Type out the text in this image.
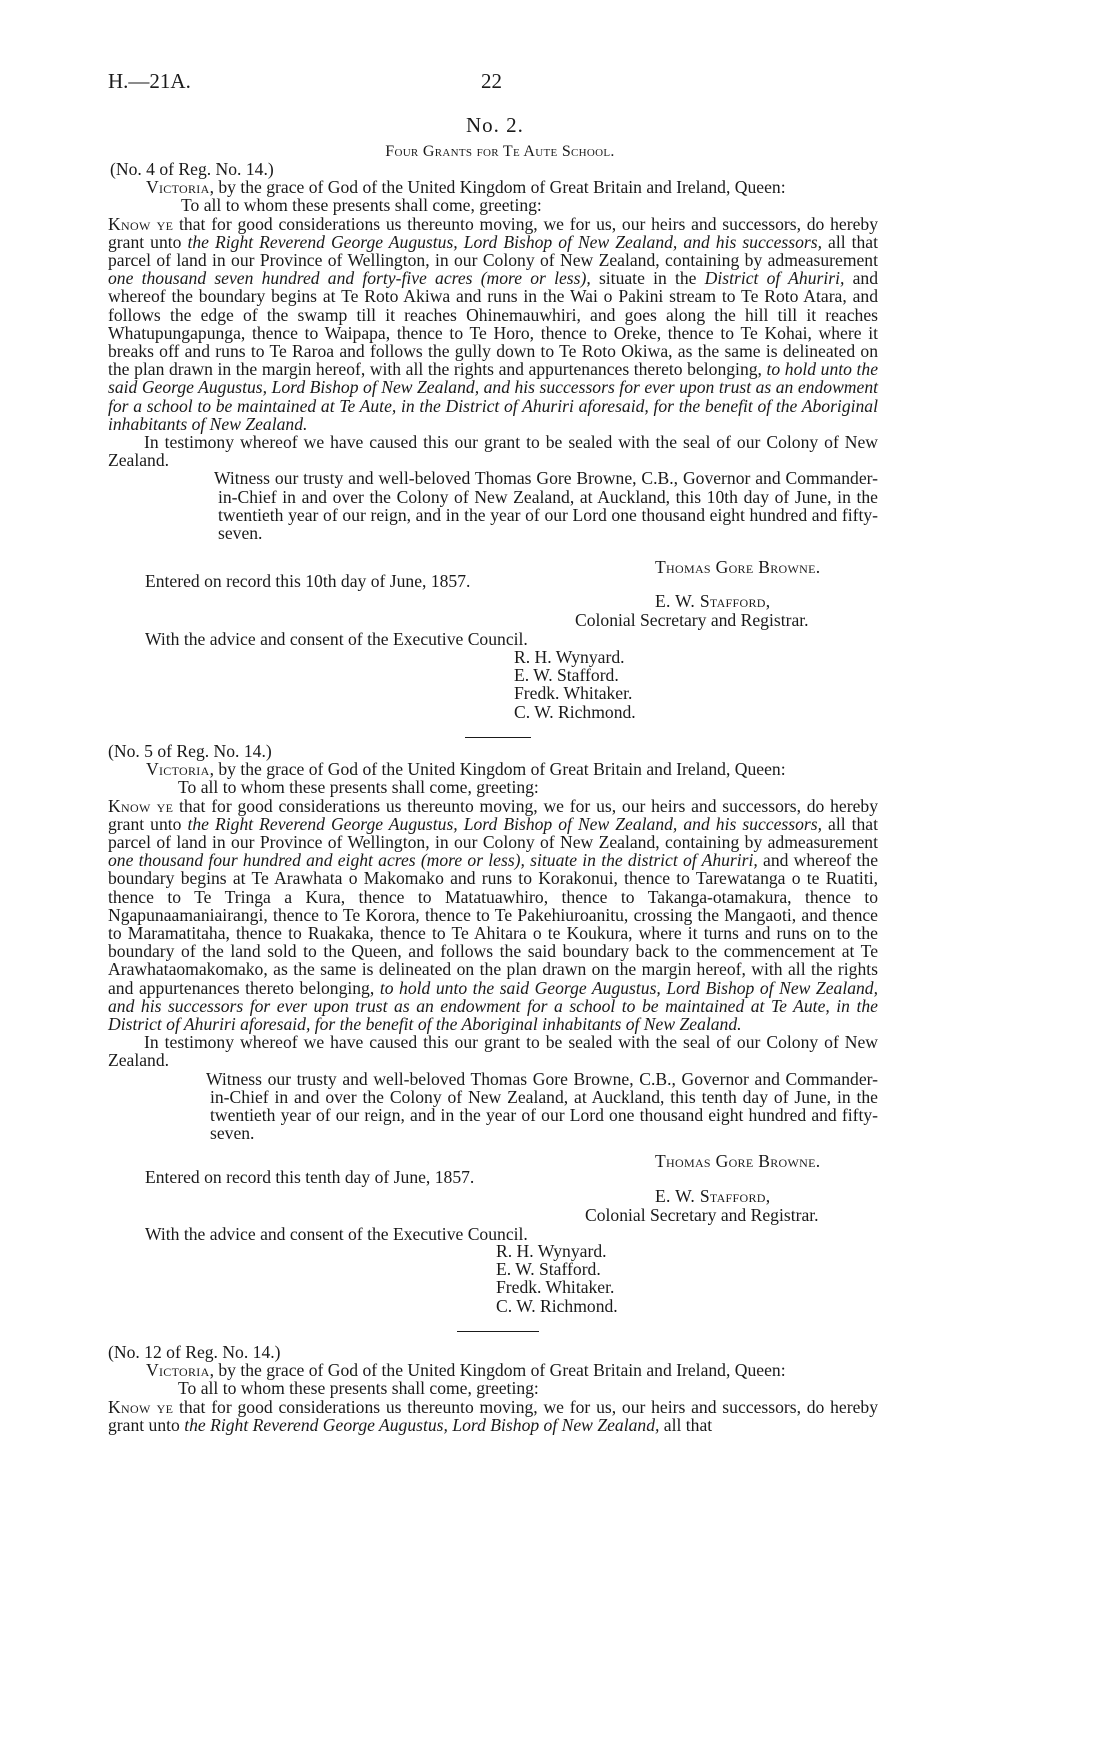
H.—21A.	22
No. 2.
Four Grants for Te Aute School.
(No. 4 of Reg. No. 14.)
Victoria, by the grace of God of the United Kingdom of Great Britain and Ireland, Queen:
To all to whom these presents shall come, greeting:
Know ye that for good considerations us thereunto moving, we for us, our heirs and successors, do hereby grant unto the Right Reverend George Augustus, Lord Bishop of New Zealand, and his successors, all that parcel of land in our Province of Wellington, in our Colony of New Zealand, containing by admeasurement one thousand seven hundred and forty-five acres (more or less), situate in the District of Ahuriri, and whereof the boundary begins at Te Roto Akiwa and runs in the Wai o Pakini stream to Te Roto Atara, and follows the edge of the swamp till it reaches Ohinemauwhiri, and goes along the hill till it reaches Whatupungapunga, thence to Waipapa, thence to Te Horo, thence to Oreke, thence to Te Kohai, where it breaks off and runs to Te Raroa and follows the gully down to Te Roto Okiwa, as the same is delineated on the plan drawn in the margin hereof, with all the rights and appurtenances thereto belonging, to hold unto the said George Augustus, Lord Bishop of New Zealand, and his successors for ever upon trust as an endowment for a school to be maintained at Te Aute, in the District of Ahuriri aforesaid, for the benefit of the Aboriginal inhabitants of New Zealand.
In testimony whereof we have caused this our grant to be sealed with the seal of our Colony of New Zealand.
Witness our trusty and well-beloved Thomas Gore Browne, C.B., Governor and Commander-in-Chief in and over the Colony of New Zealand, at Auckland, this 10th day of June, in the twentieth year of our reign, and in the year of our Lord one thousand eight hundred and fifty-seven.
Thomas Gore Browne.
Entered on record this 10th day of June, 1857.
E. W. Stafford,
Colonial Secretary and Registrar.
With the advice and consent of the Executive Council.
R. H. Wynyard.
E. W. Stafford.
Fredk. Whitaker.
C. W. Richmond.
(No. 5 of Reg. No. 14.)
Victoria, by the grace of God of the United Kingdom of Great Britain and Ireland, Queen:
To all to whom these presents shall come, greeting:
Know ye that for good considerations us thereunto moving, we for us, our heirs and successors, do hereby grant unto the Right Reverend George Augustus, Lord Bishop of New Zealand, and his successors, all that parcel of land in our Province of Wellington, in our Colony of New Zealand, containing by admeasurement one thousand four hundred and eight acres (more or less), situate in the district of Ahuriri, and whereof the boundary begins at Te Arawhata o Makomako and runs to Korakonui, thence to Tarewatanga o te Ruatiti, thence to Te Tringa a Kura, thence to Matatuawhiro, thence to Takanga-otamakura, thence to Ngapunaamaniairangi, thence to Te Korora, thence to Te Pakehiuroanitu, crossing the Mangaoti, and thence to Maramatitaha, thence to Ruakaka, thence to Te Ahitara o te Koukura, where it turns and runs on to the boundary of the land sold to the Queen, and follows the said boundary back to the commencement at Te Arawhataomakomako, as the same is delineated on the plan drawn on the margin hereof, with all the rights and appurtenances thereto belonging, to hold unto the said George Augustus, Lord Bishop of New Zealand, and his successors for ever upon trust as an endowment for a school to be maintained at Te Aute, in the District of Ahuriri aforesaid, for the benefit of the Aboriginal inhabitants of New Zealand.
In testimony whereof we have caused this our grant to be sealed with the seal of our Colony of New Zealand.
Witness our trusty and well-beloved Thomas Gore Browne, C.B., Governor and Commander-in-Chief in and over the Colony of New Zealand, at Auckland, this tenth day of June, in the twentieth year of our reign, and in the year of our Lord one thousand eight hundred and fifty-seven.
Thomas Gore Browne.
Entered on record this tenth day of June, 1857.
E. W. Stafford,
Colonial Secretary and Registrar.
With the advice and consent of the Executive Council.
R. H. Wynyard.
E. W. Stafford.
Fredk. Whitaker.
C. W. Richmond.
(No. 12 of Reg. No. 14.)
Victoria, by the grace of God of the United Kingdom of Great Britain and Ireland, Queen:
To all to whom these presents shall come, greeting:
Know ye that for good considerations us thereunto moving, we for us, our heirs and successors, do hereby grant unto the Right Reverend George Augustus, Lord Bishop of New Zealand, all that
